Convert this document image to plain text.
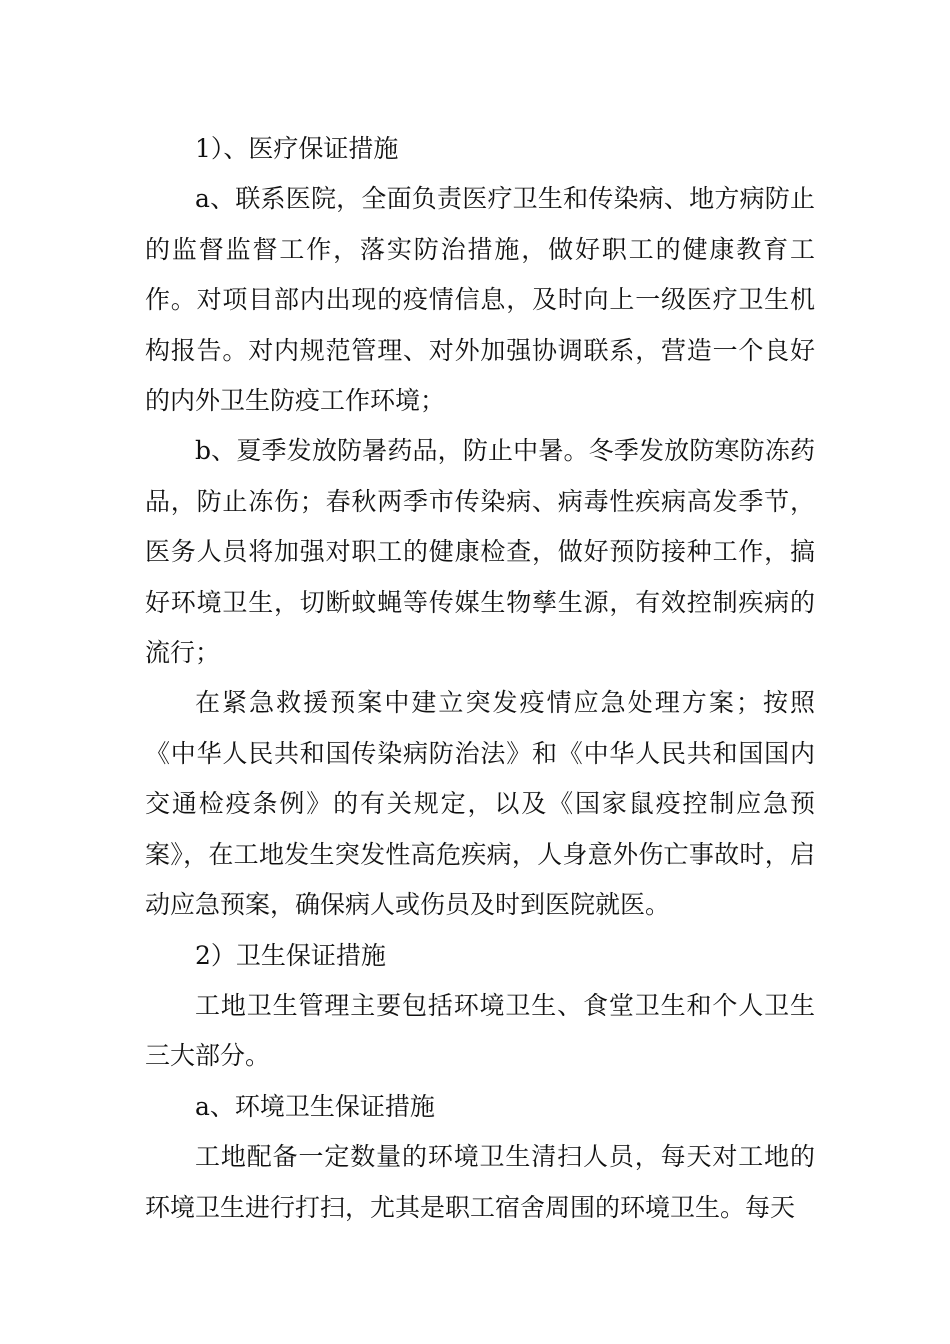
1）、医疗保证措施

a、联系医院，全面负责医疗卫生和传染病、地方病防止的监督监督工作，落实防治措施，做好职工的健康教育工作。对项目部内出现的疫情信息，及时向上一级医疗卫生机构报告。对内规范管理、对外加强协调联系，营造一个良好的内外卫生防疫工作环境；

b、夏季发放防暑药品，防止中暑。冬季发放防寒防冻药品，防止冻伤；春秋两季市传染病、病毒性疾病高发季节，医务人员将加强对职工的健康检查，做好预防接种工作，搞好环境卫生，切断蚊蝇等传媒生物孳生源，有效控制疾病的流行；

在紧急救援预案中建立突发疫情应急处理方案；按照《中华人民共和国传染病防治法》和《中华人民共和国国内交通检疫条例》的有关规定，以及《国家鼠疫控制应急预案》，在工地发生突发性高危疾病，人身意外伤亡事故时，启动应急预案，确保病人或伤员及时到医院就医。

2）卫生保证措施

工地卫生管理主要包括环境卫生、食堂卫生和个人卫生三大部分。

a、环境卫生保证措施

工地配备一定数量的环境卫生清扫人员，每天对工地的环境卫生进行打扫，尤其是职工宿舍周围的环境卫生。每天
